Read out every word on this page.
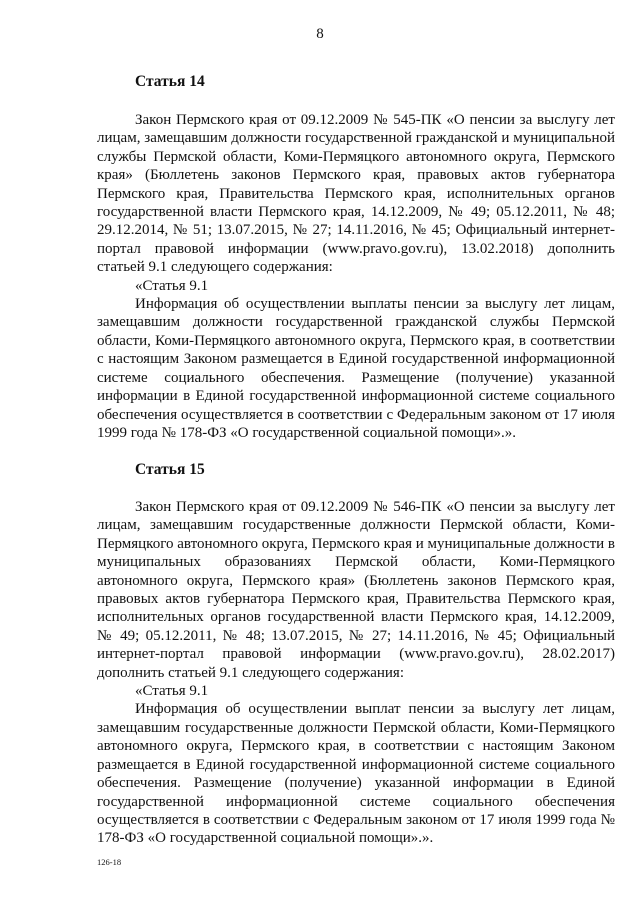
8
Статья 14

Закон Пермского края от 09.12.2009 № 545-ПК «О пенсии за выслугу лет лицам, замещавшим должности государственной гражданской и муниципальной службы Пермской области, Коми-Пермяцкого автономного округа, Пермского края» (Бюллетень законов Пермского края, правовых актов губернатора Пермского края, Правительства Пермского края, исполнительных органов государственной власти Пермского края, 14.12.2009, № 49; 05.12.2011, № 48; 29.12.2014, № 51; 13.07.2015, № 27; 14.11.2016, № 45; Официальный интернет-портал правовой информации (www.pravo.gov.ru), 13.02.2018) дополнить статьей 9.1 следующего содержания:

«Статья 9.1

Информация об осуществлении выплаты пенсии за выслугу лет лицам, замещавшим должности государственной гражданской службы Пермской области, Коми-Пермяцкого автономного округа, Пермского края, в соответствии с настоящим Законом размещается в Единой государственной информационной системе социального обеспечения. Размещение (получение) указанной информации в Единой государственной информационной системе социального обеспечения осуществляется в соответствии с Федеральным законом от 17 июля 1999 года № 178-ФЗ «О государственной социальной помощи».».

Статья 15

Закон Пермского края от 09.12.2009 № 546-ПК «О пенсии за выслугу лет лицам, замещавшим государственные должности Пермской области, Коми-Пермяцкого автономного округа, Пермского края и муниципальные должности в муниципальных образованиях Пермской области, Коми-Пермяцкого автономного округа, Пермского края» (Бюллетень законов Пермского края, правовых актов губернатора Пермского края, Правительства Пермского края, исполнительных органов государственной власти Пермского края, 14.12.2009, № 49; 05.12.2011, № 48; 13.07.2015, № 27; 14.11.2016, № 45; Официальный интернет-портал правовой информации (www.pravo.gov.ru), 28.02.2017) дополнить статьей 9.1 следующего содержания:

«Статья 9.1

Информация об осуществлении выплат пенсии за выслугу лет лицам, замещавшим государственные должности Пермской области, Коми-Пермяцкого автономного округа, Пермского края, в соответствии с настоящим Законом размещается в Единой государственной информационной системе социального обеспечения. Размещение (получение) указанной информации в Единой государственной информационной системе социального обеспечения осуществляется в соответствии с Федеральным законом от 17 июля 1999 года № 178-ФЗ «О государственной социальной помощи».».

126-18
